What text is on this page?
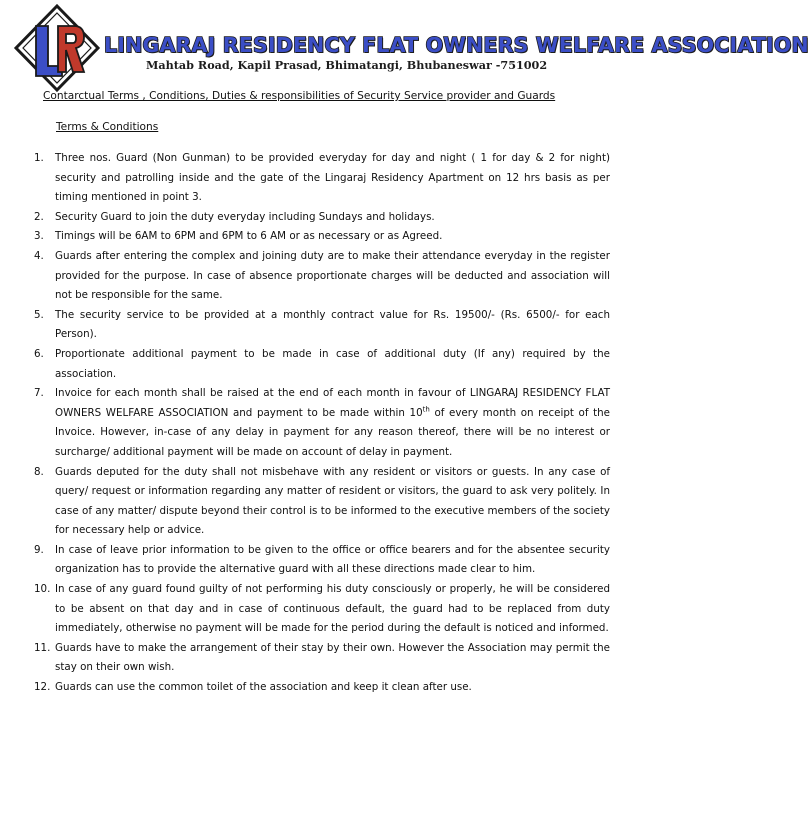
LINGARAJ RESIDENCY FLAT OWNERS WELFARE ASSOCIATION
Mahtab Road, Kapil Prasad, Bhimatangi, Bhubaneswar -751002
Contarctual Terms , Conditions, Duties & responsibilities of Security Service provider and Guards
Terms & Conditions
1. Three nos. Guard (Non Gunman) to be provided everyday for day and night ( 1 for day & 2 for night) security and patrolling inside and the gate of the Lingaraj Residency Apartment on 12 hrs basis as per timing mentioned in point 3.
2. Security Guard to join the duty everyday including Sundays and holidays.
3. Timings will be 6AM to 6PM and 6PM to 6 AM or as necessary or as Agreed.
4. Guards after entering the complex and joining duty are to make their attendance everyday in the register provided for the purpose. In case of absence proportionate charges will be deducted and association will not be responsible for the same.
5. The security service to be provided at a monthly contract value for Rs. 19500/- (Rs. 6500/- for each Person).
6. Proportionate additional payment to be made in case of additional duty (If any) required by the association.
7. Invoice for each month shall be raised at the end of each month in favour of LINGARAJ RESIDENCY FLAT OWNERS WELFARE ASSOCIATION and payment to be made within 10th of every month on receipt of the Invoice. However, in-case of any delay in payment for any reason thereof, there will be no interest or surcharge/ additional payment will be made on account of delay in payment.
8. Guards deputed for the duty shall not misbehave with any resident or visitors or guests. In any case of query/ request or information regarding any matter of resident or visitors, the guard to ask very politely. In case of any matter/ dispute beyond their control is to be informed to the executive members of the society for necessary help or advice.
9. In case of leave prior information to be given to the office or office bearers and for the absentee security organization has to provide the alternative guard with all these directions made clear to him.
10. In case of any guard found guilty of not performing his duty consciously or properly, he will be considered to be absent on that day and in case of continuous default, the guard had to be replaced from duty immediately, otherwise no payment will be made for the period during the default is noticed and informed.
11. Guards have to make the arrangement of their stay by their own. However the Association may permit the stay on their own wish.
12. Guards can use the common toilet of the association and keep it clean after use.
